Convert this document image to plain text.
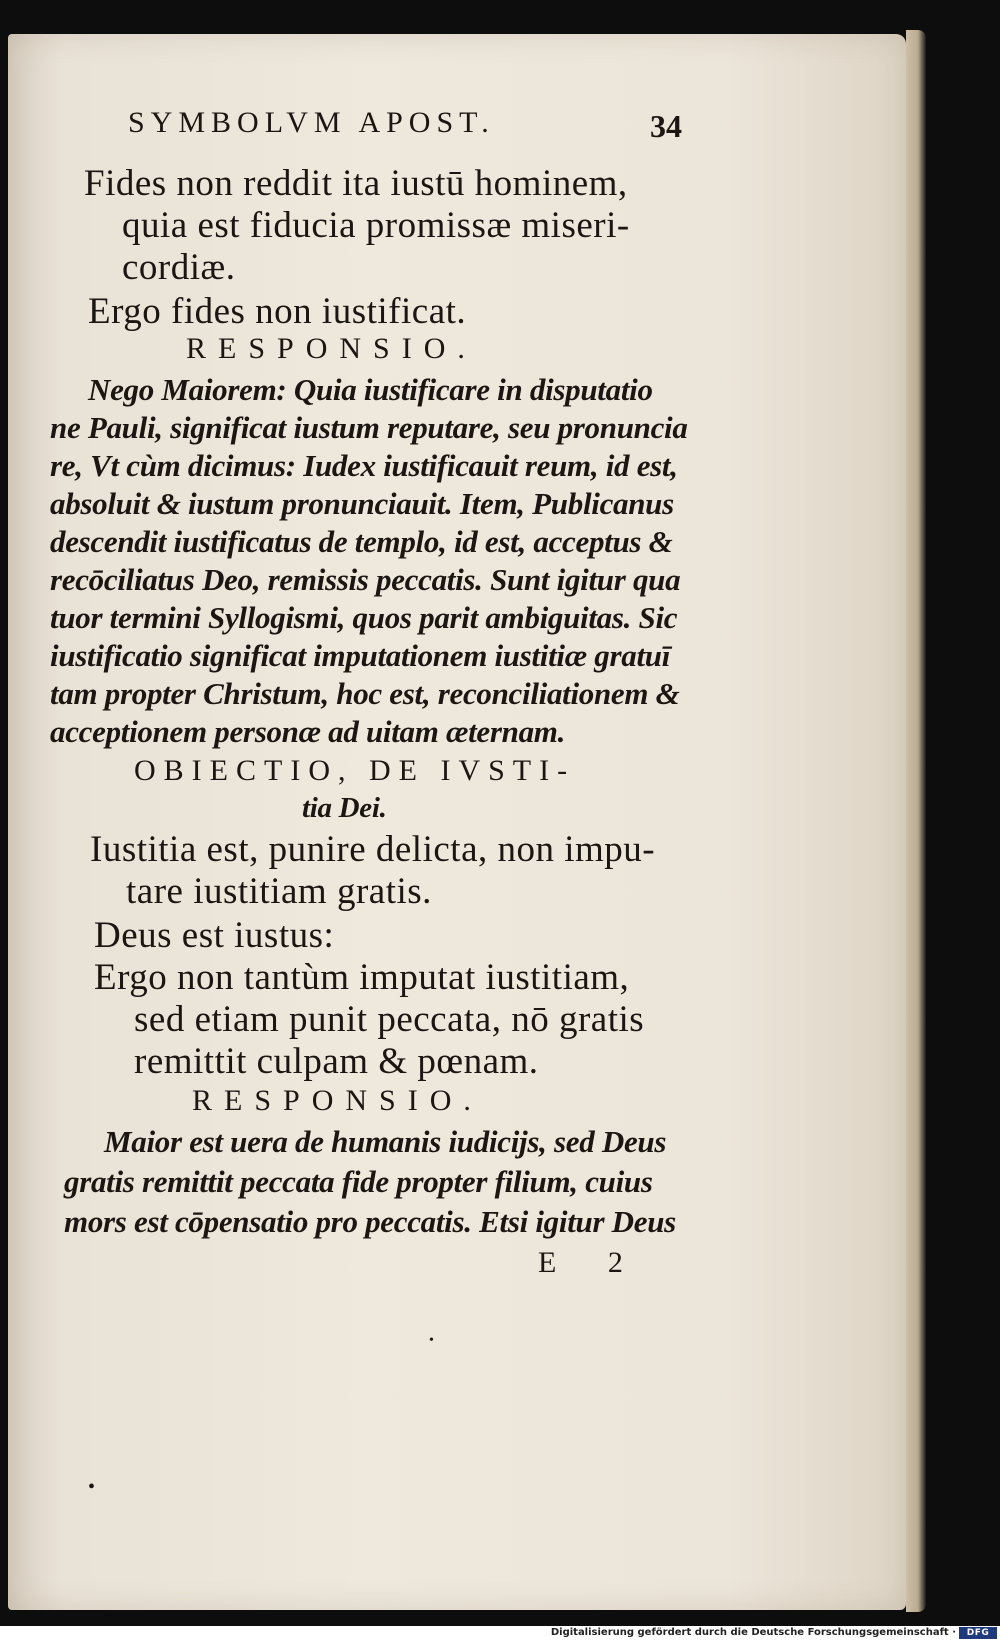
SYMBOLVM APOST.	34
Fides non reddit ita iustū hominem,
quia est fiducia promissæ miseri-
cordiæ.
Ergo fides non iustificat.
RESPONSIO.
Nego Maiorem: Quia iustificare in disputatio
ne Pauli, significat iustum reputare, seu pronuncia
re, Vt cùm dicimus: Iudex iustificauit reum, id est,
absoluit & iustum pronunciauit. Item, Publicanus
descendit iustificatus de templo, id est, acceptus &
recōciliatus Deo, remissis peccatis. Sunt igitur qua
tuor termini Syllogismi, quos parit ambiguitas. Sic
iustificatio significat imputationem iustitiæ gratuī
tam propter Christum, hoc est, reconciliationem &
acceptionem personæ ad uitam æternam.
OBIECTIO, DE IVSTI-
tia Dei.
Iustitia est, punire delicta, non impu-
tare iustitiam gratis.
Deus est iustus:
Ergo non tantùm imputat iustitiam,
sed etiam punit peccata, nō gratis
remittit culpam & pœnam.
RESPONSIO.
Maior est uera de humanis iudicijs, sed Deus
gratis remittit peccata fide propter filium, cuius
mors est cōpensatio pro peccatis. Etsi igitur Deus
E 2
•
•
Digitalisierung gefördert durch die Deutsche Forschungsgemeinschaft ·	DFG
